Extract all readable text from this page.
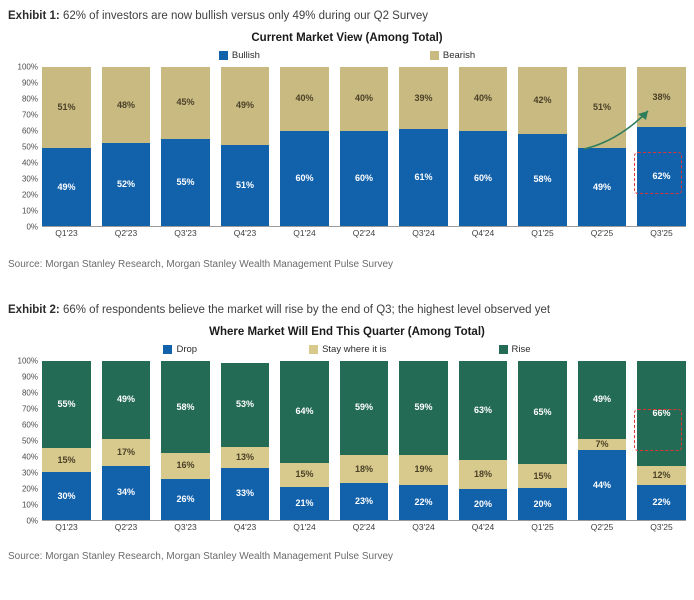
Exhibit 1: 62% of investors are now bullish versus only 49% during our Q2 Survey
Current Market View (Among Total)
Bullish	Bearish
100%
90%
80%
70%
60%
50%
40%
30%
20%
10%
0%
51%
49%
48%
52%
45%
55%
49%
51%
40%
60%
40%
60%
39%
61%
40%
60%
42%
58%
51%
49%
38%
62%
Q1'23	Q2'23	Q3'23	Q4'23	Q1'24	Q2'24	Q3'24	Q4'24	Q1'25	Q2'25	Q3'25
Source: Morgan Stanley Research, Morgan Stanley Wealth Management Pulse Survey
Exhibit 2: 66% of respondents believe the market will rise by the end of Q3; the highest level observed yet
Where Market Will End This Quarter (Among Total)
Drop	Stay where it is	Rise
100%
90%
80%
70%
60%
50%
40%
30%
20%
10%
0%
55%
15%
30%
49%
17%
34%
58%
16%
26%
53%
13%
33%
64%
15%
21%
59%
18%
23%
59%
19%
22%
63%
18%
20%
65%
15%
20%
49%
7%
44%
66%
12%
22%
Q1'23	Q2'23	Q3'23	Q4'23	Q1'24	Q2'24	Q3'24	Q4'24	Q1'25	Q2'25	Q3'25
Source: Morgan Stanley Research, Morgan Stanley Wealth Management Pulse Survey
